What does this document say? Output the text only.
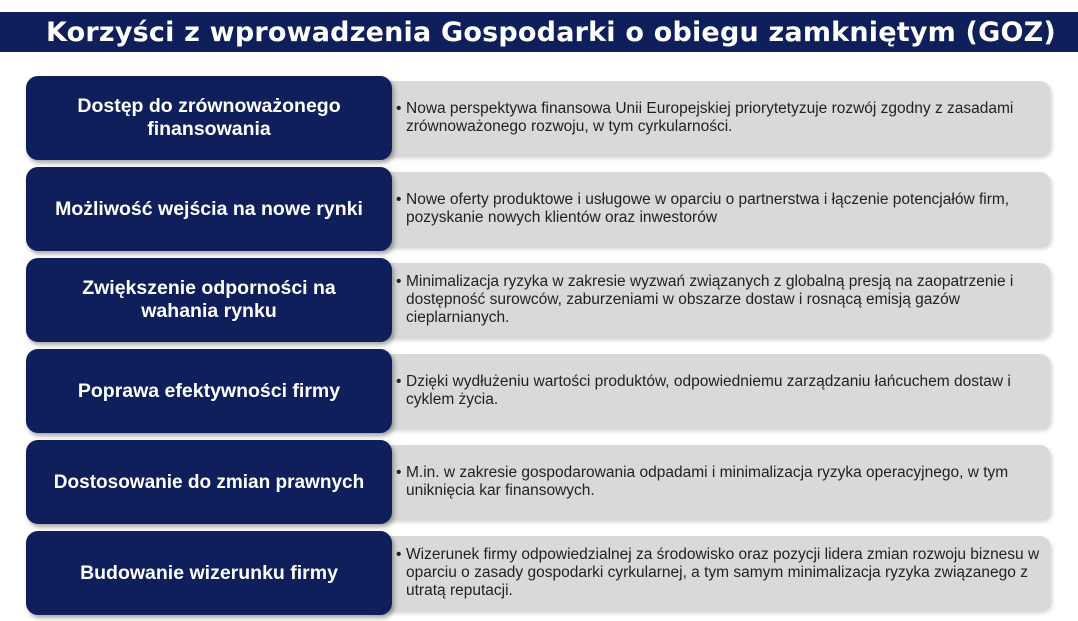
Korzyści z wprowadzenia Gospodarki o obiegu zamkniętym (GOZ)
Dostęp do zrównoważonego finansowania
• Nowa perspektywa finansowa Unii Europejskiej priorytetyzuje rozwój zgodny z zasadami zrównoważonego rozwoju, w tym cyrkularności.
Możliwość wejścia na nowe rynki • Nowe oferty produktowe i usługowe w oparciu o partnerstwa i łączenie potencjałów firm, pozyskanie nowych klientów oraz inwestorów
Zwiększenie odporności na wahania rynku
• Minimalizacja ryzyka w zakresie wyzwań związanych z globalną presją na zaopatrzenie i dostępność surowców, zaburzeniami w obszarze dostaw i rosnącą emisją gazów cieplarnianych.
Poprawa efektywności firmy	• Dzięki wydłużeniu wartości produktów, odpowiedniemu zarządzaniu łańcuchem dostaw i cyklem życia.
Dostosowanie do zmian prawnych • M.in. w zakresie gospodarowania odpadami i minimalizacja ryzyka operacyjnego, w tym uniknięcia kar finansowych.
Budowanie wizerunku firmy
• Wizerunek firmy odpowiedzialnej za środowisko oraz pozycji lidera zmian rozwoju biznesu w oparciu o zasady gospodarki cyrkularnej, a tym samym minimalizacja ryzyka związanego z utratą reputacji.
